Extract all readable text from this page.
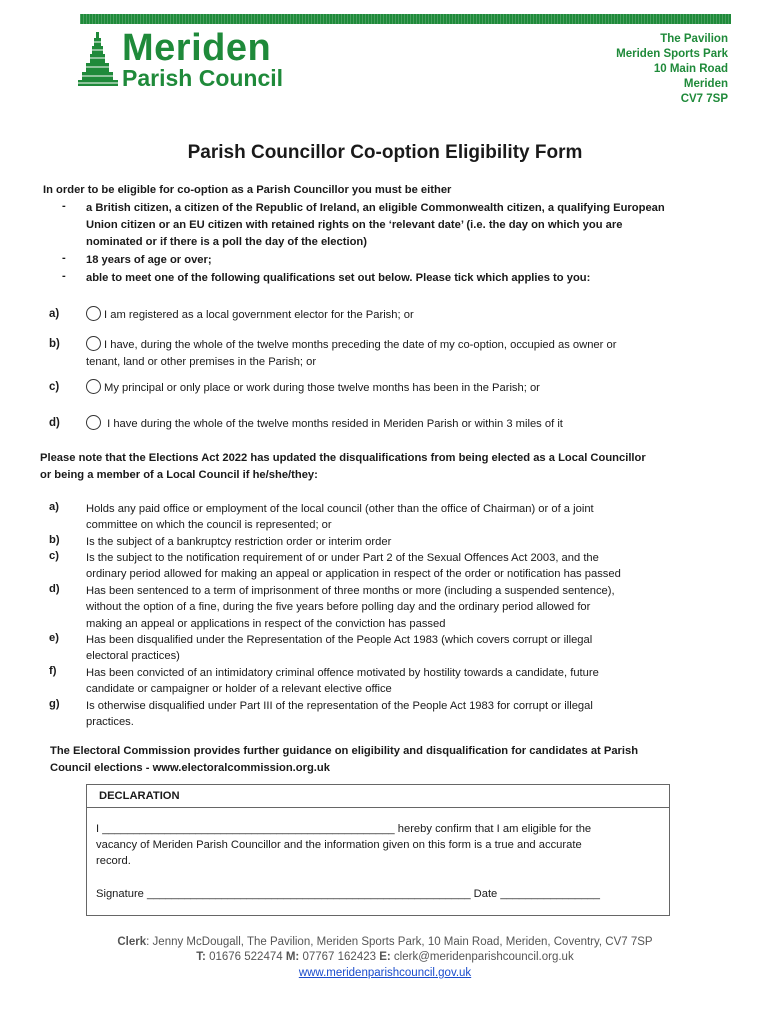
Meriden
Parish Council
The Pavilion
Meriden Sports Park
10 Main Road
Meriden
CV7 7SP
Parish Councillor Co-option Eligibility Form
In order to be eligible for co-option as a Parish Councillor you must be either
- a British citizen, a citizen of the Republic of Ireland, an eligible Commonwealth citizen, a qualifying European
Union citizen or an EU citizen with retained rights on the ‘relevant date’ (i.e. the day on which you are
nominated or if there is a poll the day of the election)
- 18 years of age or over;
- able to meet one of the following qualifications set out below. Please tick which applies to you:
a)	I am registered as a local government elector for the Parish; or
b)	I have, during the whole of the twelve months preceding the date of my co-option, occupied as owner or
tenant, land or other premises in the Parish; or
c)	My principal or only place or work during those twelve months has been in the Parish; or
d)	I have during the whole of the twelve months resided in Meriden Parish or within 3 miles of it
Please note that the Elections Act 2022 has updated the disqualifications from being elected as a Local Councillor
or being a member of a Local Council if he/she/they:
a) Holds any paid office or employment of the local council (other than the office of Chairman) or of a joint
committee on which the council is represented; or
b) Is the subject of a bankruptcy restriction order or interim order
c) Is the subject to the notification requirement of or under Part 2 of the Sexual Offences Act 2003, and the
ordinary period allowed for making an appeal or application in respect of the order or notification has passed
d) Has been sentenced to a term of imprisonment of three months or more (including a suspended sentence),
without the option of a fine, during the five years before polling day and the ordinary period allowed for
making an appeal or applications in respect of the conviction has passed
e) Has been disqualified under the Representation of the People Act 1983 (which covers corrupt or illegal
electoral practices)
f)	Has been convicted of an intimidatory criminal offence motivated by hostility towards a candidate, future
candidate or campaigner or holder of a relevant elective office
g) Is otherwise disqualified under Part III of the representation of the People Act 1983 for corrupt or illegal
practices.
The Electoral Commission provides further guidance on eligibility and disqualification for candidates at Parish
Council elections - www.electoralcommission.org.uk
DECLARATION
I _______________________________________________ hereby confirm that I am eligible for the
vacancy of Meriden Parish Councillor and the information given on this form is a true and accurate
record.
Signature ____________________________________________________ Date ________________
Clerk: Jenny McDougall, The Pavilion, Meriden Sports Park, 10 Main Road, Meriden, Coventry, CV7 7SP
T: 01676 522474 M: 07767 162423 E: clerk@meridenparishcouncil.org.uk
www.meridenparishcouncil.gov.uk
